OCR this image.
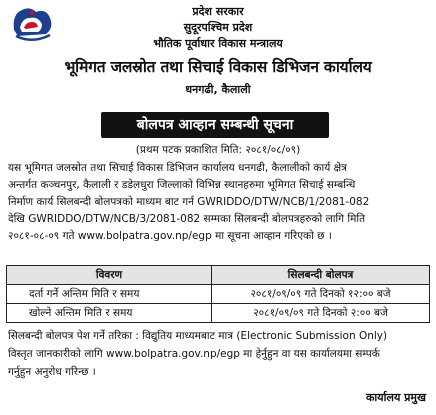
प्रदेश सरकार
सुदूरपश्चिम प्रदेश
भौतिक पूर्वाधार विकास मन्त्रालय
भूमिगत जलस्रोत तथा सिचाई विकास डिभिजन कार्यालय
धनगढी, कैलाली
बोलपत्र आव्हान सम्बन्धी सूचना
(प्रथम पटक प्रकाशित मिति: २०८१/०८/०९)
यस भूमिगत जलस्रोत तथा सिचाई विकास डिभिजन कार्यालय धनगढी, कैलालीको कार्य क्षेत्र
अन्तर्गत कञ्चनपुर, कैलाली र डडेलधुरा जिल्लाको विभिन्न स्थानहरुमा भूमिगत सिचाई सम्बन्धि
निर्माण कार्य सिलबन्दी बोलपत्रको माध्यम बाट गर्न GWRIDDO/DTW/NCB/1/2081-082
देखि GWRIDDO/DTW/NCB/3/2081-082 सम्मका सिलबन्दी बोलपत्रहरुको लागि मिति
२०८१-०८-०९ गते www.bolpatra.gov.np/egp मा सूचना आव्हान गरिएको छ ।
विवरण	सिलबन्दी बोलपत्र
दर्ता गर्ने अन्तिम मिति र समय	२०८१/०९/०९ गते दिनको १२:०० बजे
खोल्ने अन्तिम मिति र समय	२०८१/०९/०९ गते दिनको २:०० बजे
सिलबन्दी बोलपत्र पेश गर्ने तरिका : विद्युतिय माध्यमबाट मात्र (Electronic Submission Only)
विस्तृत जानकारीको लागि www.bolpatra.gov.np/egp मा हेर्नुहुन वा यस कार्यालयमा सम्पर्क
गर्नुहुन अनुरोध गरिन्छ ।
कार्यालय प्रमुख
